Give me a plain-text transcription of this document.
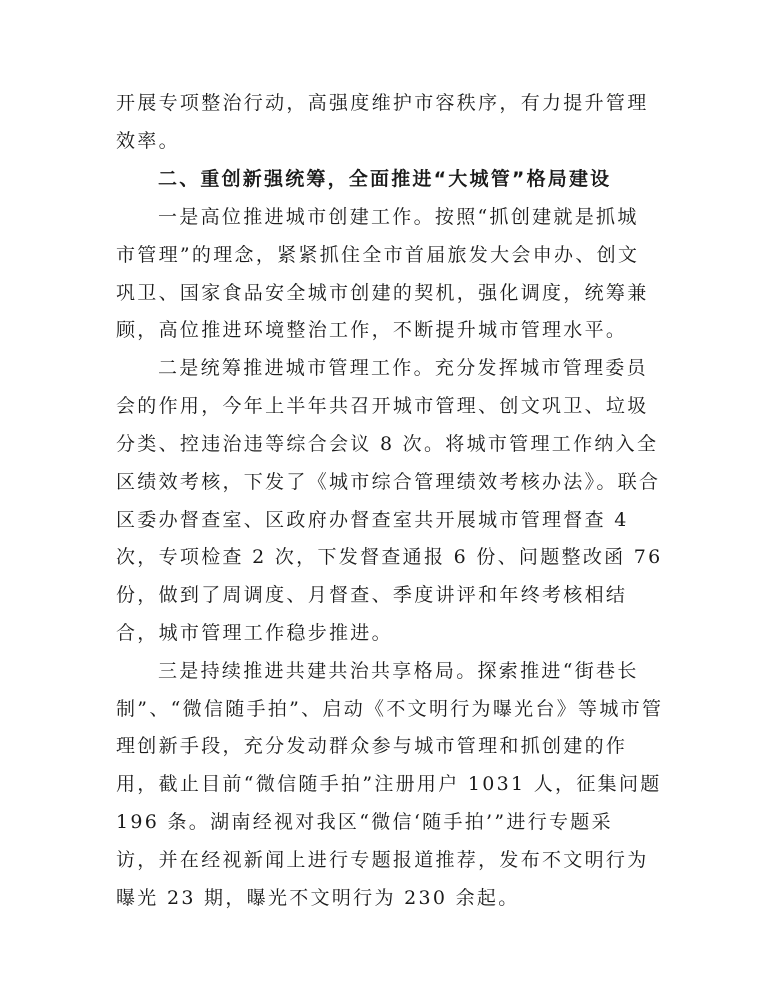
开展专项整治行动，高强度维护市容秩序，有力提升管理
效率。
二、重创新强统筹，全面推进“大城管”格局建设
一是高位推进城市创建工作。按照“抓创建就是抓城
市管理”的理念，紧紧抓住全市首届旅发大会申办、创文
巩卫、国家食品安全城市创建的契机，强化调度，统筹兼
顾，高位推进环境整治工作，不断提升城市管理水平。
二是统筹推进城市管理工作。充分发挥城市管理委员
会的作用，今年上半年共召开城市管理、创文巩卫、垃圾
分类、控违治违等综合会议 8 次。将城市管理工作纳入全
区绩效考核，下发了《城市综合管理绩效考核办法》。联合
区委办督查室、区政府办督查室共开展城市管理督查 4
次，专项检查 2 次，下发督查通报 6 份、问题整改函 76
份，做到了周调度、月督查、季度讲评和年终考核相结
合，城市管理工作稳步推进。
三是持续推进共建共治共享格局。探索推进“街巷长
制”、“微信随手拍”、启动《不文明行为曝光台》等城市管
理创新手段，充分发动群众参与城市管理和抓创建的作
用，截止目前“微信随手拍”注册用户 1031 人，征集问题
196 条。湖南经视对我区“微信‘随手拍’”进行专题采
访，并在经视新闻上进行专题报道推荐，发布不文明行为
曝光 23 期，曝光不文明行为 230 余起。
